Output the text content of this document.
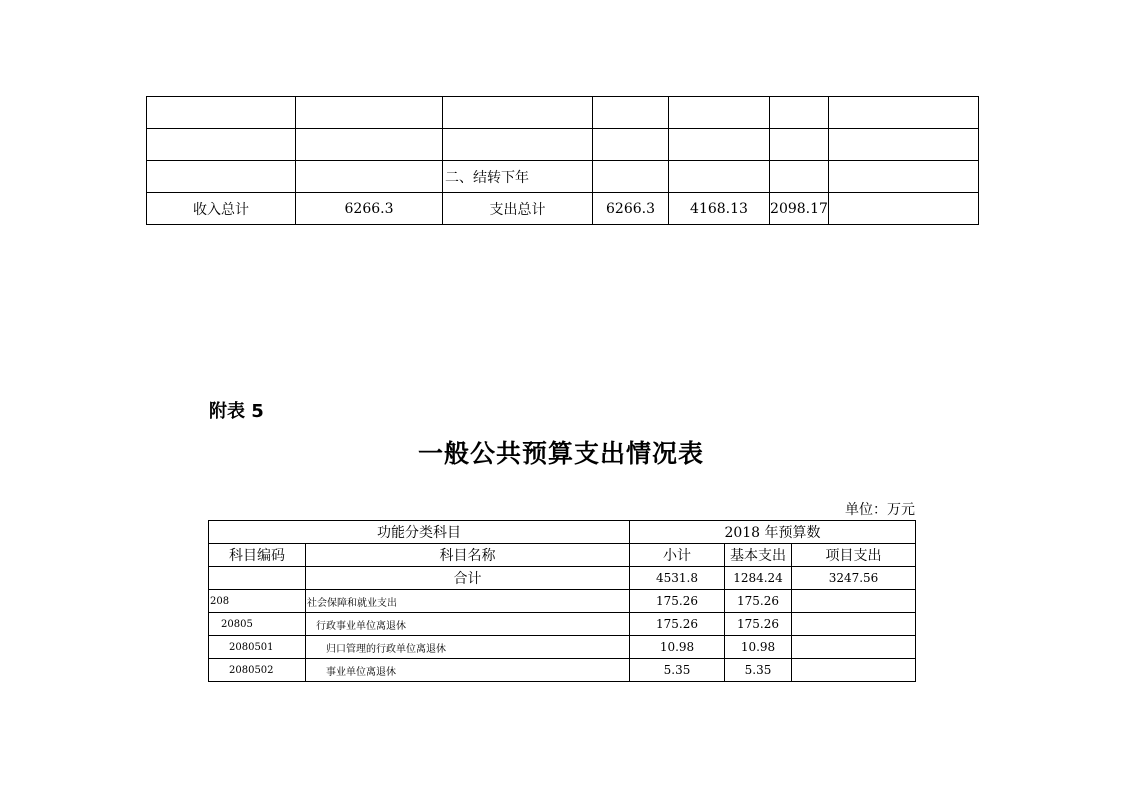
		二、结转下年				
收入总计	6266.3	支出总计	6266.3	4168.13	2098.17	
附表 5
一般公共预算支出情况表
单位：万元
功能分类科目		2018 年预算数		
科目编码	科目名称	小计	基本支出	项目支出
	合计	4531.8	1284.24	3247.56
208	社会保障和就业支出	175.26	175.26	
20805	行政事业单位离退休	175.26	175.26	
2080501	归口管理的行政单位离退休	10.98	10.98	
2080502	事业单位离退休	5.35	5.35	
